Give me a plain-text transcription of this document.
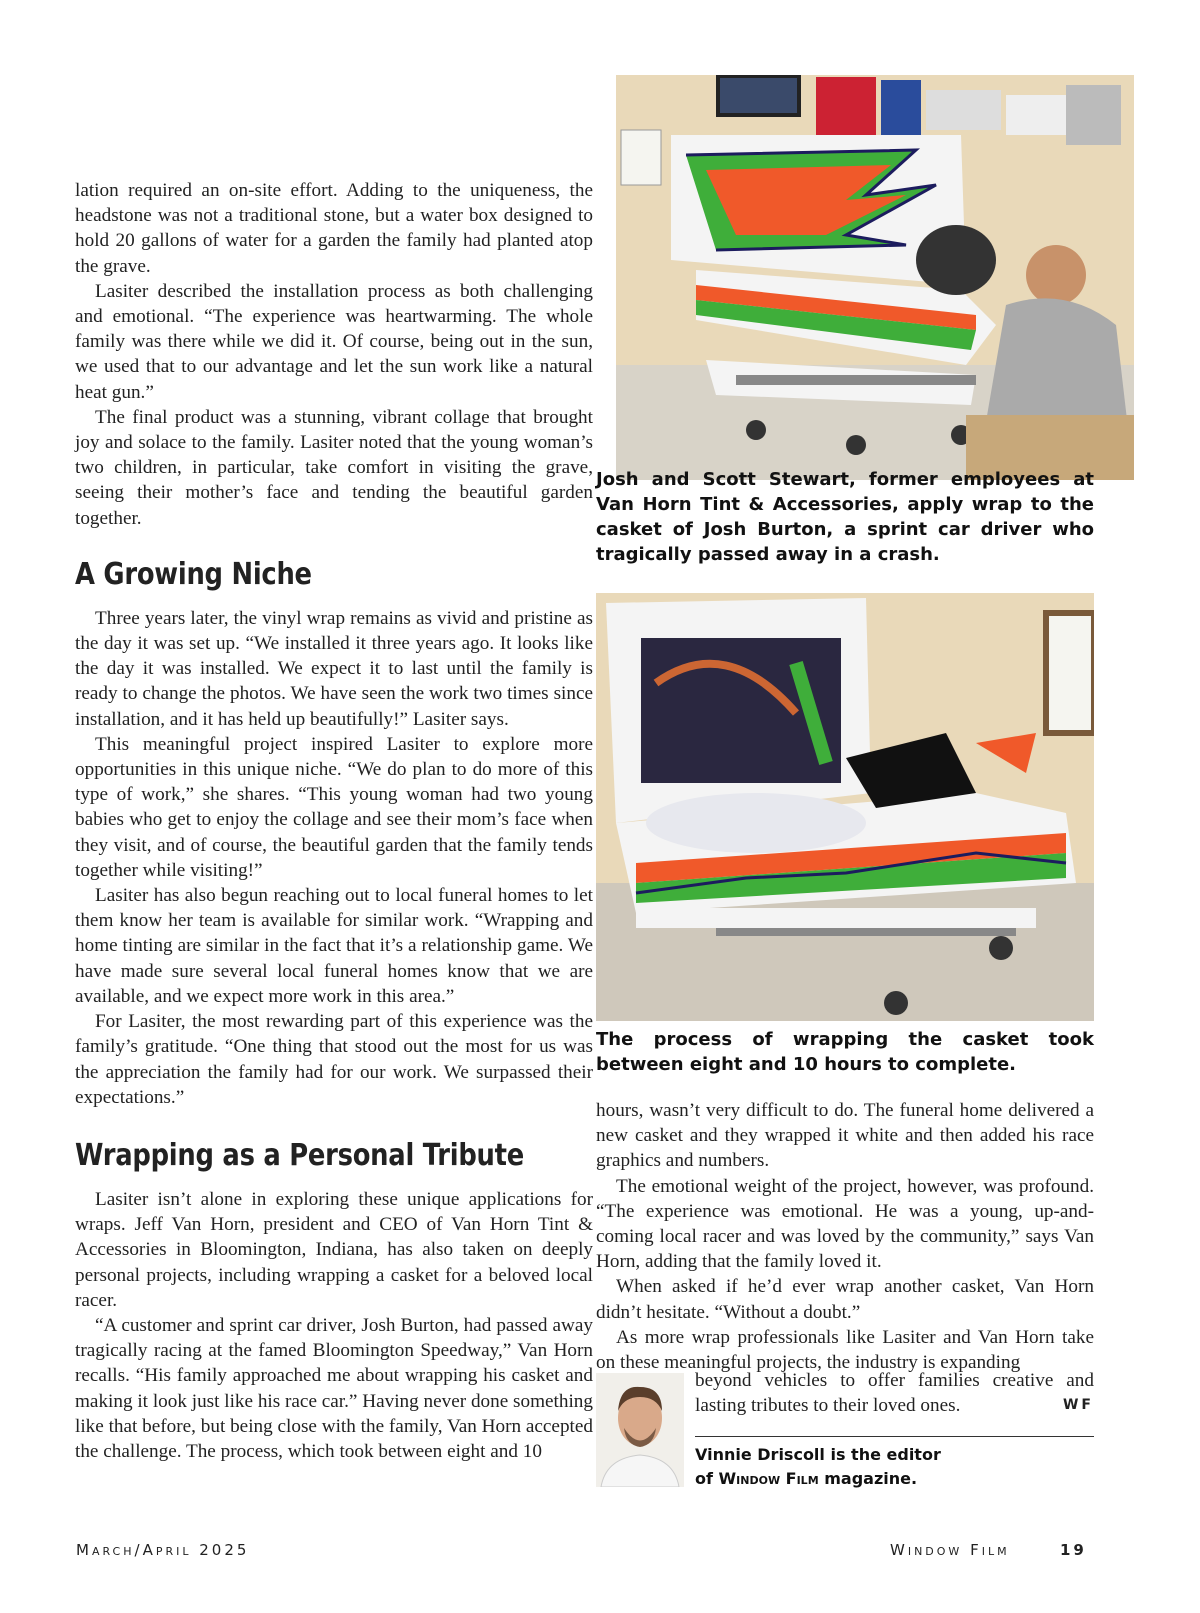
lation required an on-site effort. Adding to the uniqueness, the headstone was not a traditional stone, but a water box designed to hold 20 gallons of water for a garden the family had planted atop the grave.
Lasiter described the installation process as both challenging and emotional. “The experience was heartwarming. The whole family was there while we did it. Of course, being out in the sun, we used that to our advantage and let the sun work like a natural heat gun.”
The final product was a stunning, vibrant collage that brought joy and solace to the family. Lasiter noted that the young woman’s two children, in particular, take comfort in visiting the grave, seeing their mother’s face and tending the beautiful garden together.
A Growing Niche
Three years later, the vinyl wrap remains as vivid and pristine as the day it was set up. “We installed it three years ago. It looks like the day it was installed. We expect it to last until the family is ready to change the photos. We have seen the work two times since installation, and it has held up beautifully!” Lasiter says.
This meaningful project inspired Lasiter to explore more opportunities in this unique niche. “We do plan to do more of this type of work,” she shares. “This young woman had two young babies who get to enjoy the collage and see their mom’s face when they visit, and of course, the beautiful garden that the family tends together while visiting!”
Lasiter has also begun reaching out to local funeral homes to let them know her team is available for similar work. “Wrapping and home tinting are similar in the fact that it’s a relationship game. We have made sure several local funeral homes know that we are available, and we expect more work in this area.”
For Lasiter, the most rewarding part of this experience was the family’s gratitude. “One thing that stood out the most for us was the appreciation the family had for our work. We surpassed their expectations.”
Wrapping as a Personal Tribute
Lasiter isn’t alone in exploring these unique applications for wraps. Jeff Van Horn, president and CEO of Van Horn Tint & Accessories in Bloomington, Indiana, has also taken on deeply personal projects, including wrapping a casket for a beloved local racer.
“A customer and sprint car driver, Josh Burton, had passed away tragically racing at the famed Bloomington Speedway,” Van Horn recalls. “His family approached me about wrapping his casket and making it look just like his race car.” Having never done something like that before, but being close with the family, Van Horn accepted the challenge. The process, which took between eight and 10

Josh and Scott Stewart, former employees at Van Horn Tint & Accessories, apply wrap to the casket of Josh Burton, a sprint car driver who tragically passed away in a crash.

The process of wrapping the casket took between eight and 10 hours to complete.

hours, wasn’t very difficult to do. The funeral home delivered a new casket and they wrapped it white and then added his race graphics and numbers.
The emotional weight of the project, however, was profound. “The experience was emotional. He was a young, up-and-coming local racer and was loved by the community,” says Van Horn, adding that the family loved it.
When asked if he’d ever wrap another casket, Van Horn didn’t hesitate. “Without a doubt.”
As more wrap professionals like Lasiter and Van Horn take on these meaningful projects, the industry is expanding
beyond vehicles to offer families creative and lasting tributes to their loved ones.	WF
Vinnie Driscoll is the editor
of Window Film magazine.
March/April 2025	Window Film	19
